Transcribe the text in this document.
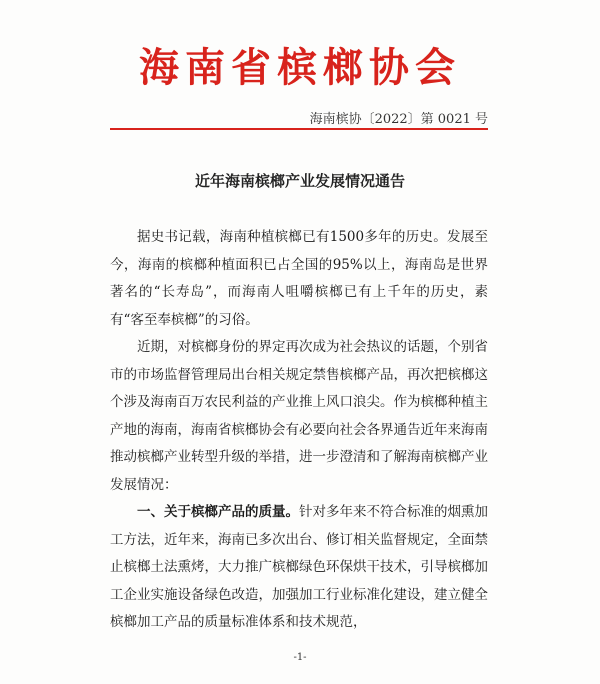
海南省槟榔协会
海南槟协〔2022〕第 0021 号
近年海南槟榔产业发展情况通告

据史书记载，海南种植槟榔已有1500多年的历史。发展至今，海南的槟榔种植面积已占全国的95%以上，海南岛是世界著名的“长寿岛”，而海南人咀嚼槟榔已有上千年的历史，素有“客至奉槟榔”的习俗。

近期，对槟榔身份的界定再次成为社会热议的话题，个别省市的市场监督管理局出台相关规定禁售槟榔产品，再次把槟榔这个涉及海南百万农民利益的产业推上风口浪尖。作为槟榔种植主产地的海南，海南省槟榔协会有必要向社会各界通告近年来海南推动槟榔产业转型升级的举措，进一步澄清和了解海南槟榔产业发展情况：

一、关于槟榔产品的质量。针对多年来不符合标准的烟熏加工方法，近年来，海南已多次出台、修订相关监督规定，全面禁止槟榔土法熏烤，大力推广槟榔绿色环保烘干技术，引导槟榔加工企业实施设备绿色改造，加强加工行业标准化建设，建立健全槟榔加工产品的质量标准体系和技术规范，

-1-
